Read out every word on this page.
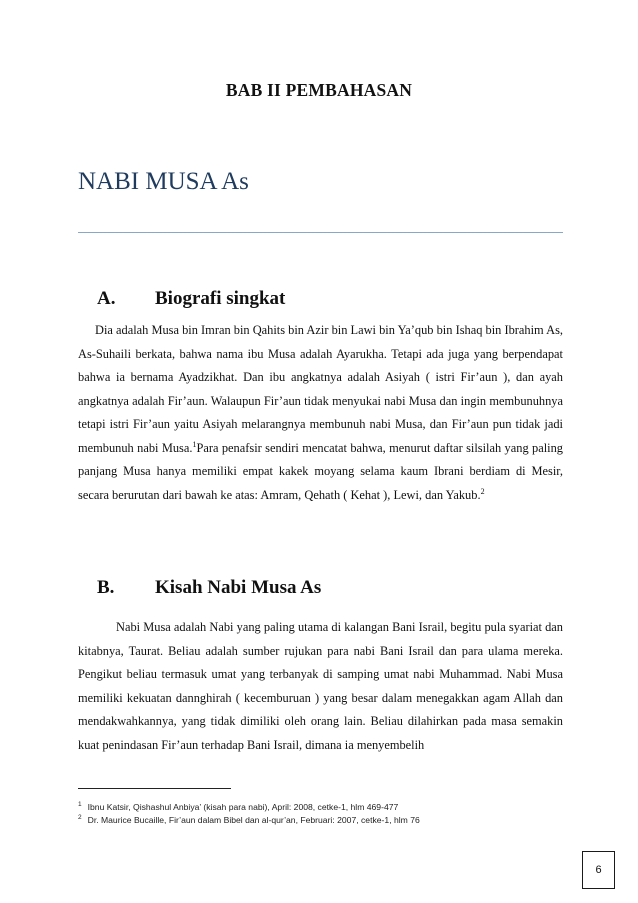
BAB II PEMBAHASAN
NABI MUSA As
A. Biografi singkat

Dia adalah Musa bin Imran bin Qahits bin Azir bin Lawi bin Ya’qub bin Ishaq bin Ibrahim As, As-Suhaili berkata, bahwa nama ibu Musa adalah Ayarukha. Tetapi ada juga yang berpendapat bahwa ia bernama Ayadzikhat. Dan ibu angkatnya adalah Asiyah ( istri Fir’aun ), dan ayah angkatnya adalah Fir’aun. Walaupun Fir’aun tidak menyukai nabi Musa dan ingin membunuhnya tetapi istri Fir’aun yaitu Asiyah melarangnya membunuh nabi Musa, dan Fir’aun pun tidak jadi membunuh nabi Musa.$^1$Para penafsir sendiri mencatat bahwa, menurut daftar silsilah yang paling panjang Musa hanya memiliki empat kakek moyang selama kaum Ibrani berdiam di Mesir, secara berurutan dari bawah ke atas: Amram, Qehath ( Kehat ), Lewi, dan Yakub.$^2$

B. Kisah Nabi Musa As

Nabi Musa adalah Nabi yang paling utama di kalangan Bani Israil, begitu pula syariat dan kitabnya, Taurat. Beliau adalah sumber rujukan para nabi Bani Israil dan para ulama mereka. Pengikut beliau termasuk umat yang terbanyak di samping umat nabi Muhammad. Nabi Musa memiliki kekuatan dannghirah ( kecemburuan ) yang besar dalam menegakkan agam Allah dan mendakwahkannya, yang tidak dimiliki oleh orang lain. Beliau dilahirkan pada masa semakin kuat penindasan Fir’aun terhadap Bani Israil, dimana ia menyembelih

$^1$ Ibnu Katsir, Qishashul Anbiya’ (kisah para nabi), April: 2008, cetke-1, hlm 469-477
$^2$ Dr. Maurice Bucaille, Fir’aun dalam Bibel dan al-qur’an, Februari: 2007, cetke-1, hlm 76
6
